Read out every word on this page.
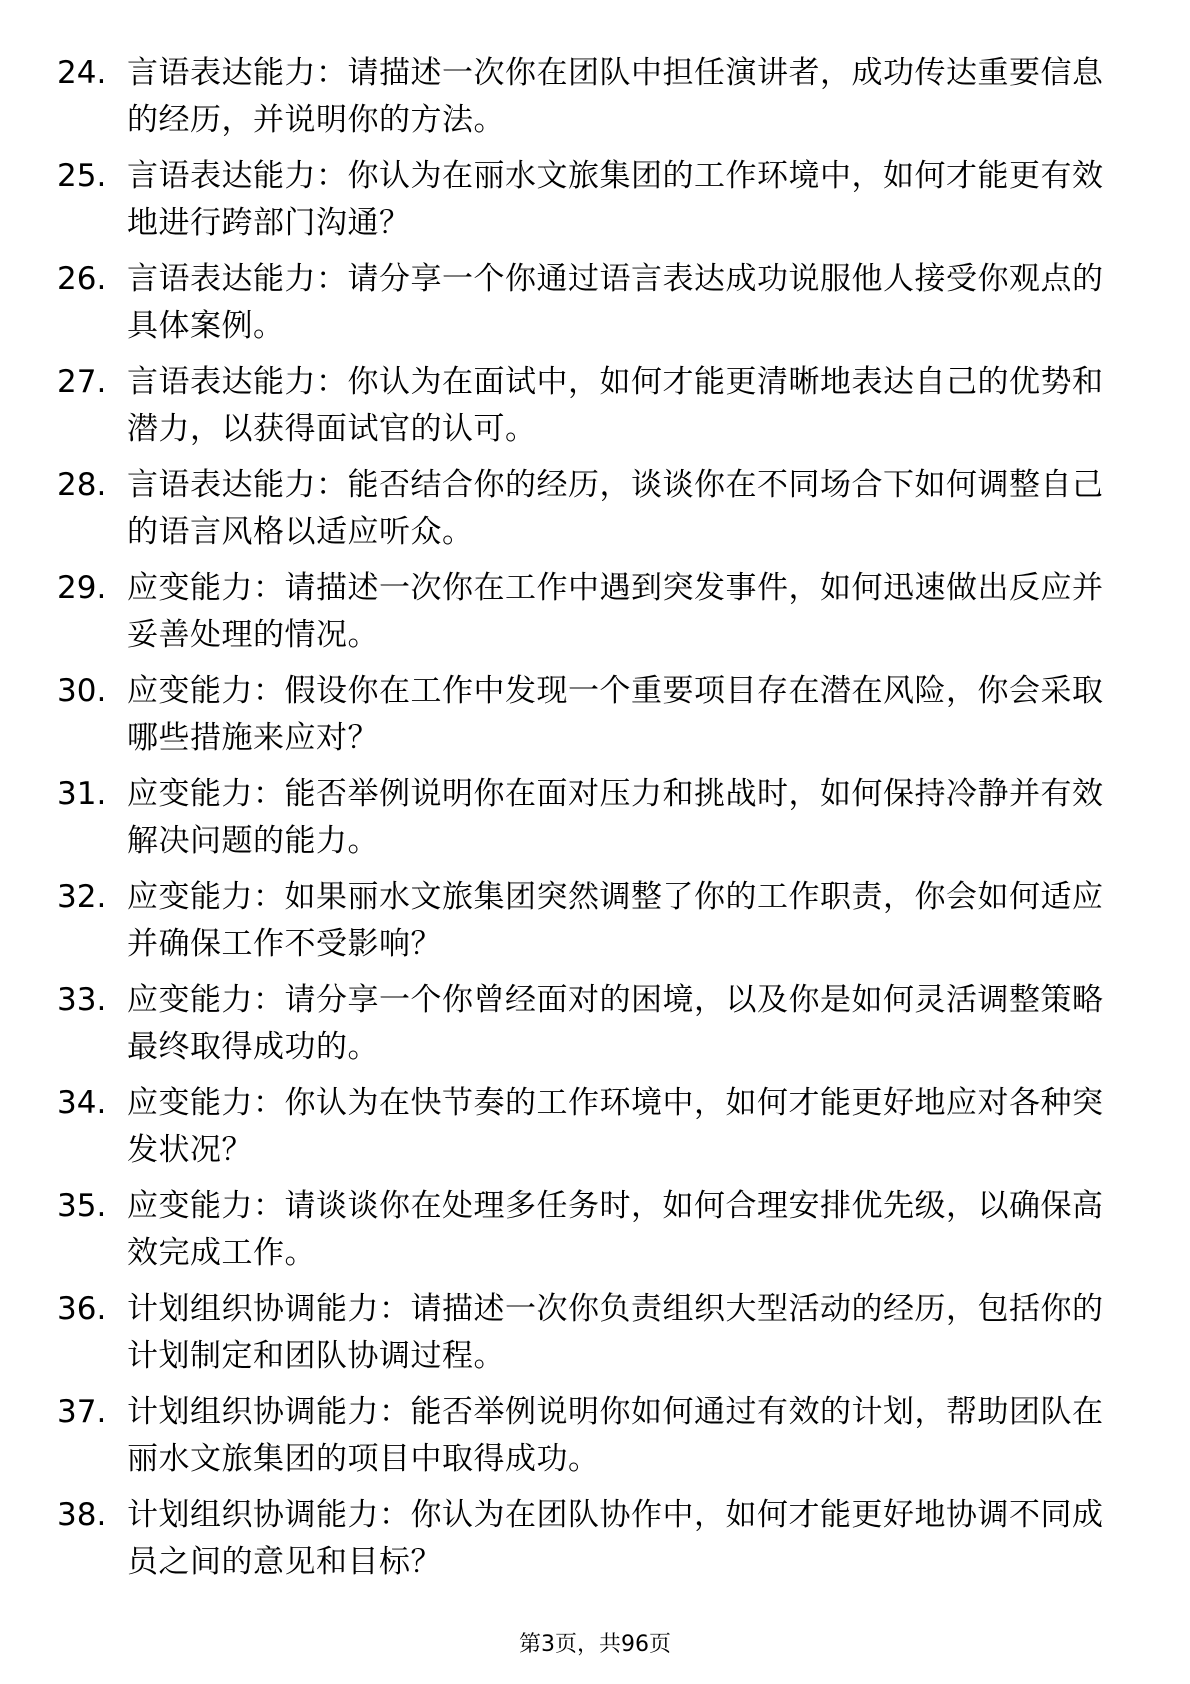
24. 言语表达能力：请描述一次你在团队中担任演讲者，成功传达重要信息的经历，并说明你的方法。
25. 言语表达能力：你认为在丽水文旅集团的工作环境中，如何才能更有效地进行跨部门沟通？
26. 言语表达能力：请分享一个你通过语言表达成功说服他人接受你观点的具体案例。
27. 言语表达能力：你认为在面试中，如何才能更清晰地表达自己的优势和潜力，以获得面试官的认可。
28. 言语表达能力：能否结合你的经历，谈谈你在不同场合下如何调整自己的语言风格以适应听众。
29. 应变能力：请描述一次你在工作中遇到突发事件，如何迅速做出反应并妥善处理的情况。
30. 应变能力：假设你在工作中发现一个重要项目存在潜在风险，你会采取哪些措施来应对？
31. 应变能力：能否举例说明你在面对压力和挑战时，如何保持冷静并有效解决问题的能力。
32. 应变能力：如果丽水文旅集团突然调整了你的工作职责，你会如何适应并确保工作不受影响？
33. 应变能力：请分享一个你曾经面对的困境，以及你是如何灵活调整策略最终取得成功的。
34. 应变能力：你认为在快节奏的工作环境中，如何才能更好地应对各种突发状况？
35. 应变能力：请谈谈你在处理多任务时，如何合理安排优先级，以确保高效完成工作。
36. 计划组织协调能力：请描述一次你负责组织大型活动的经历，包括你的计划制定和团队协调过程。
37. 计划组织协调能力：能否举例说明你如何通过有效的计划，帮助团队在丽水文旅集团的项目中取得成功。
38. 计划组织协调能力：你认为在团队协作中，如何才能更好地协调不同成员之间的意见和目标？
第3页，共96页
